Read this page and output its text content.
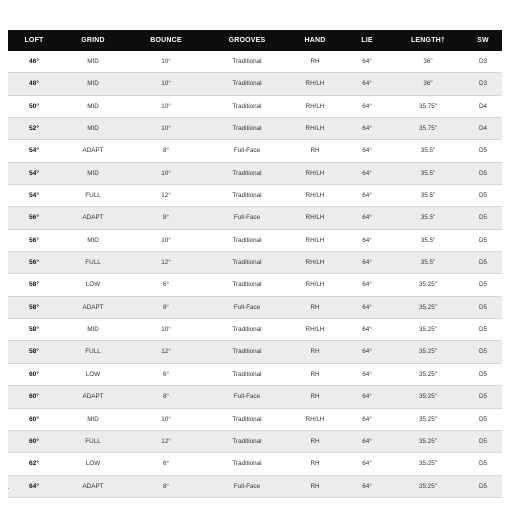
LOFT	GRIND	BOUNCE	GROOVES	HAND	LIE	LENGTH†	SW
46°	MID	10°	Traditional	RH	64°	36"	D3
48°	MID	10°	Traditional	RH/LH	64°	36"	D3
50°	MID	10°	Traditional	RH/LH	64°	35.75"	D4
52°	MID	10°	Traditional	RH/LH	64°	35.75"	D4
54°	ADAPT	8°	Full-Face	RH	64°	35.5"	D5
54°	MID	10°	Traditional	RH/LH	64°	35.5"	D5
54°	FULL	12°	Traditional	RH/LH	64°	35.5"	D5
56°	ADAPT	8°	Full-Face	RH/LH	64°	35.5"	D5
56°	MID	10°	Traditional	RH/LH	64°	35.5"	D5
56°	FULL	12°	Traditional	RH/LH	64°	35.5"	D5
58°	LOW	6°	Traditional	RH/LH	64°	35.25"	D5
58°	ADAPT	8°	Full-Face	RH	64°	35.25"	D5
58°	MID	10°	Traditional	RH/LH	64°	35.25"	D5
58°	FULL	12°	Traditional	RH	64°	35.25"	D5
60°	LOW	6°	Traditional	RH	64°	35.25"	D5
60°	ADAPT	8°	Full-Face	RH	64°	35.25"	D5
60°	MID	10°	Traditional	RH/LH	64°	35.25"	D5
60°	FULL	12°	Traditional	RH	64°	35.25"	D5
62°	LOW	6°	Traditional	RH	64°	35.25"	D5
64°	ADAPT	8°	Full-Face	RH	64°	35.25"	D5
